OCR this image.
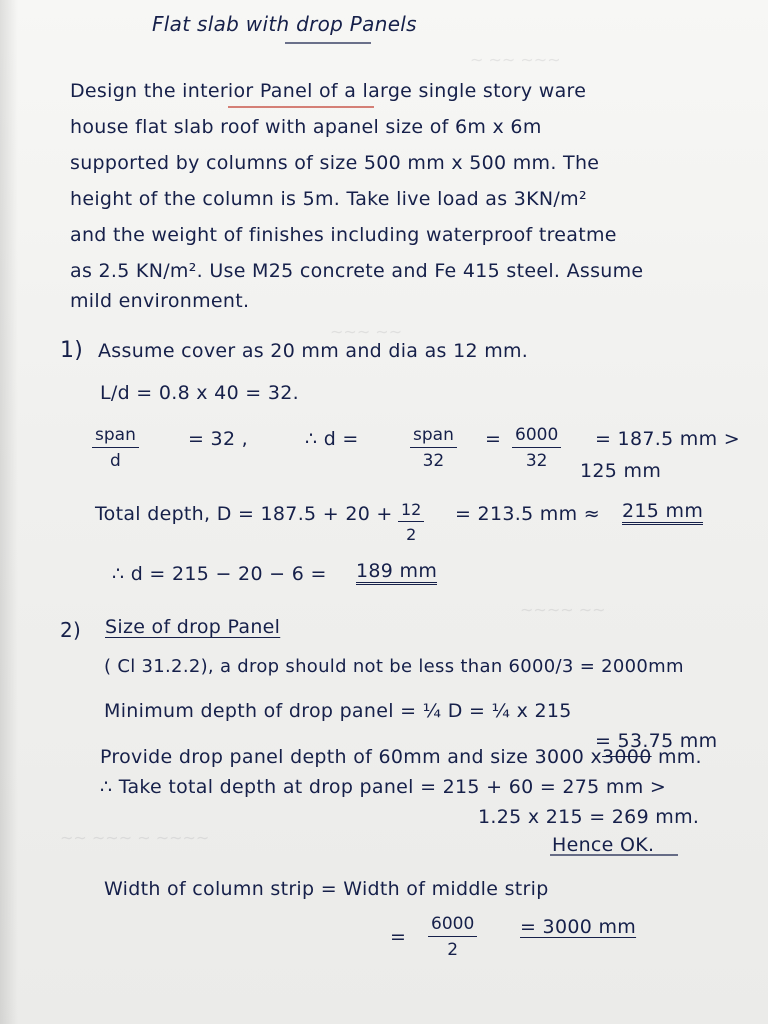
∼ ∼∼ ∼∼∼
∼∼∼ ∼∼
∼∼∼∼ ∼∼
∼∼ ∼∼∼ ∼ ∼∼∼∼
Flat slab with drop Panels
Design the interior Panel of a large single story ware
house flat slab roof with apanel size of 6m x 6m
supported by columns of size 500 mm x 500 mm. The
height of the column is 5m. Take live load as 3KN/m²
and the weight of finishes including waterproof treatme
as 2.5 KN/m². Use M25 concrete and Fe 415 steel. Assume
mild environment.
1) Assume cover as 20 mm and dia as 12 mm.
L/d = 0.8 x 40 = 32.
span
d
= 32 ,	∴ d =	span
32
= $\frac{6000}{32} = 187.5$ mm >
125 mm
Total depth, $D = 187.5 + 20 + \frac{12}{2} = 213.5$ mm ≈ 215 mm
∴ d = 215 − 20 − 6 = 189 mm
2) Size of drop Panel
( Cl 31.2.2), a drop should not be less than 6000/3 = 2000mm
Minimum depth of drop panel = ¼ D = ¼ x 215
= 53.75 mm
Provide drop panel depth of 60mm and size 3000 x3000 mm.
∴ Take total depth at drop panel = 215 + 60 = 275 mm >
1.25 x 215 = 269 mm.
Hence OK.
Width of column strip = Width of middle strip
= $\frac{6000}{2} = 3000$ mm
